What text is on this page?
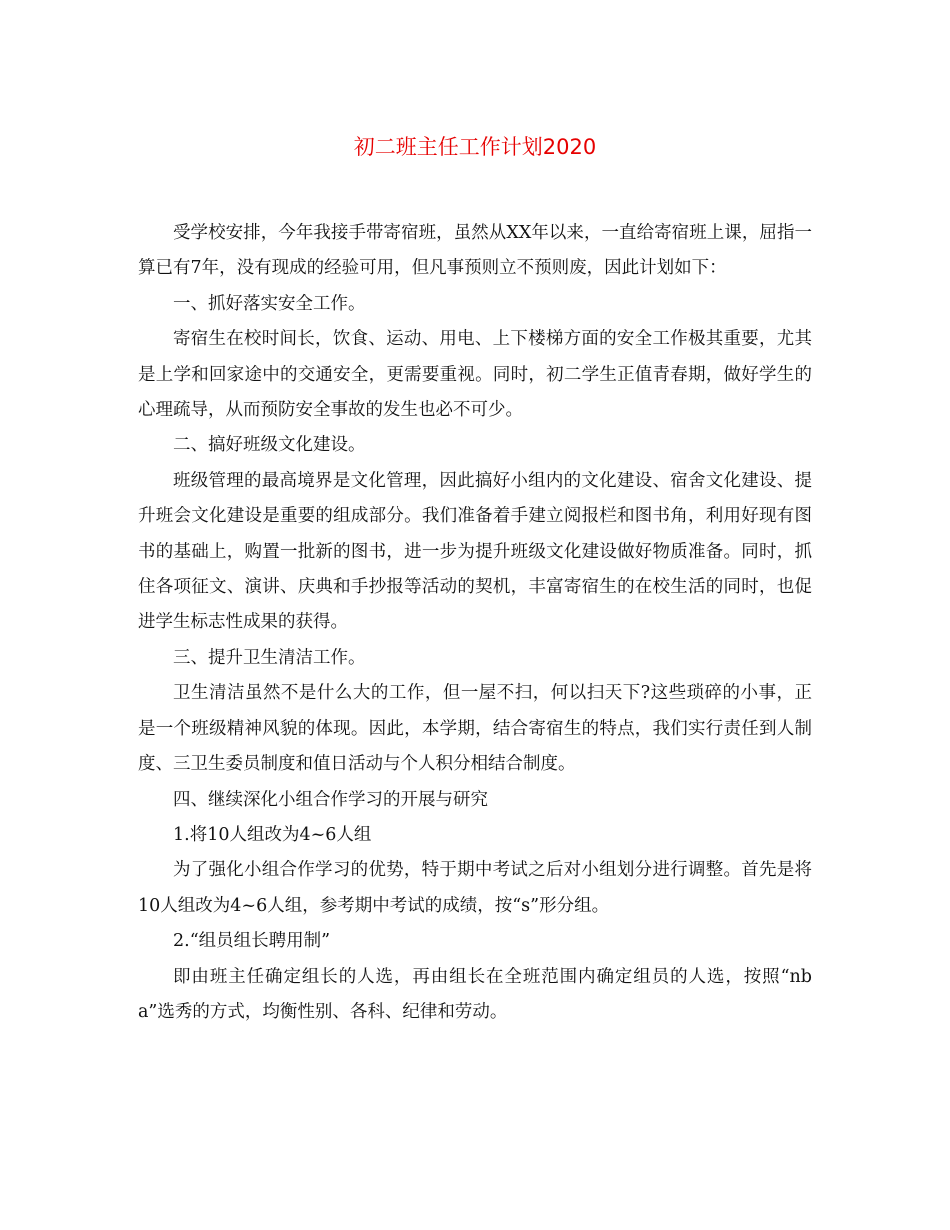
初二班主任工作计划2020

受学校安排，今年我接手带寄宿班，虽然从XX年以来，一直给寄宿班上课，屈指一算已有7年，没有现成的经验可用，但凡事预则立不预则废，因此计划如下：

一、抓好落实安全工作。

寄宿生在校时间长，饮食、运动、用电、上下楼梯方面的安全工作极其重要，尤其是上学和回家途中的交通安全，更需要重视。同时，初二学生正值青春期，做好学生的心理疏导，从而预防安全事故的发生也必不可少。

二、搞好班级文化建设。

班级管理的最高境界是文化管理，因此搞好小组内的文化建设、宿舍文化建设、提升班会文化建设是重要的组成部分。我们准备着手建立阅报栏和图书角，利用好现有图书的基础上，购置一批新的图书，进一步为提升班级文化建设做好物质准备。同时，抓住各项征文、演讲、庆典和手抄报等活动的契机，丰富寄宿生的在校生活的同时，也促进学生标志性成果的获得。

三、提升卫生清洁工作。

卫生清洁虽然不是什么大的工作，但一屋不扫，何以扫天下?这些琐碎的小事，正是一个班级精神风貌的体现。因此，本学期，结合寄宿生的特点，我们实行责任到人制度、三卫生委员制度和值日活动与个人积分相结合制度。

四、继续深化小组合作学习的开展与研究

1.将10人组改为4~6人组

为了强化小组合作学习的优势，特于期中考试之后对小组划分进行调整。首先是将10人组改为4~6人组，参考期中考试的成绩，按“s”形分组。

2.“组员组长聘用制”

即由班主任确定组长的人选，再由组长在全班范围内确定组员的人选，按照“nba”选秀的方式，均衡性别、各科、纪律和劳动。
